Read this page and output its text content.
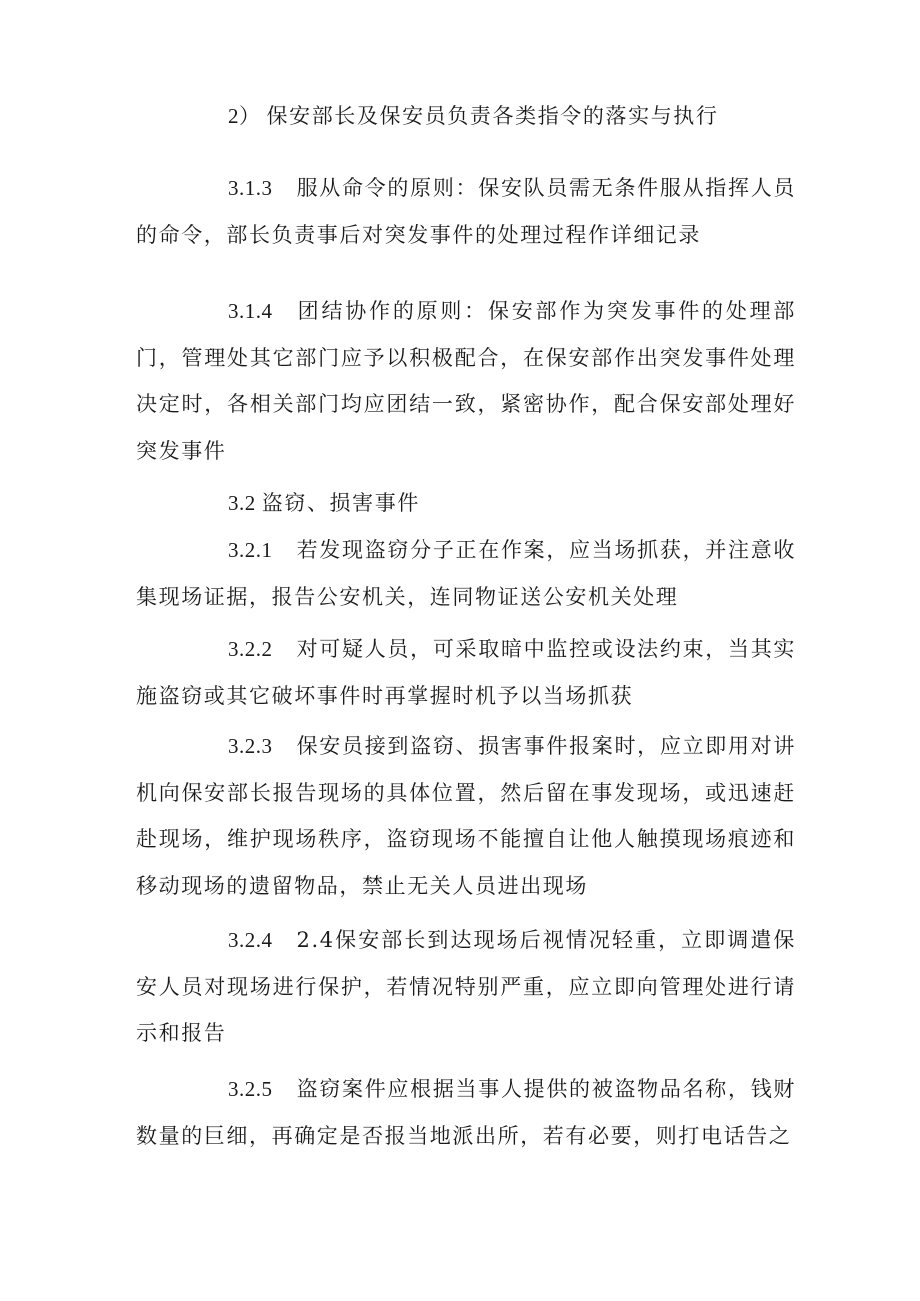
2） 保安部长及保安员负责各类指令的落实与执行

3.1.3 服从命令的原则：保安队员需无条件服从指挥人员的命令，部长负责事后对突发事件的处理过程作详细记录

3.1.4 团结协作的原则：保安部作为突发事件的处理部门，管理处其它部门应予以积极配合，在保安部作出突发事件处理决定时，各相关部门均应团结一致，紧密协作，配合保安部处理好突发事件

3.2 盗窃、损害事件

3.2.1 若发现盗窃分子正在作案，应当场抓获，并注意收集现场证据，报告公安机关，连同物证送公安机关处理

3.2.2 对可疑人员，可采取暗中监控或设法约束，当其实施盗窃或其它破坏事件时再掌握时机予以当场抓获

3.2.3 保安员接到盗窃、损害事件报案时，应立即用对讲机向保安部长报告现场的具体位置，然后留在事发现场，或迅速赶赴现场，维护现场秩序，盗窃现场不能擅自让他人触摸现场痕迹和移动现场的遗留物品，禁止无关人员进出现场

3.2.4 2.4保安部长到达现场后视情况轻重，立即调遣保安人员对现场进行保护，若情况特别严重，应立即向管理处进行请示和报告

3.2.5 盗窃案件应根据当事人提供的被盗物品名称，钱财数量的巨细，再确定是否报当地派出所，若有必要，则打电话告之
